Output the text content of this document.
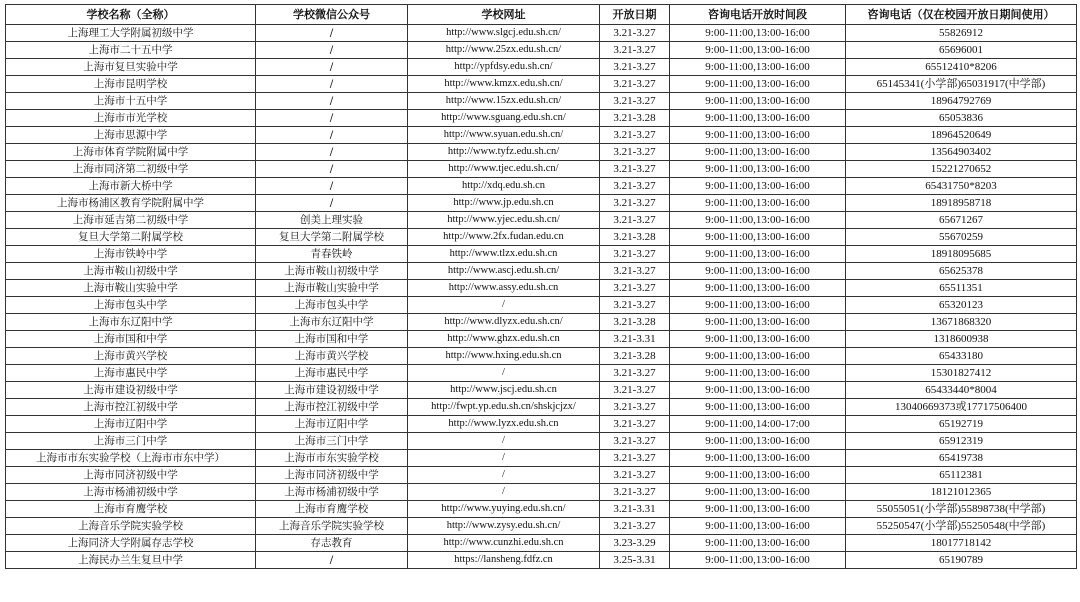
学校名称（全称）	学校微信公众号	学校网址	开放日期	咨询电话开放时间段	咨询电话（仅在校园开放日期间使用）
上海理工大学附属初级中学	/	http://www.slgcj.edu.sh.cn/	3.21-3.27	9:00-11:00,13:00-16:00	55826912
上海市二十五中学	/	http://www.25zx.edu.sh.cn/	3.21-3.27	9:00-11:00,13:00-16:00	65696001
上海市复旦实验中学	/	http://ypfdsy.edu.sh.cn/	3.21-3.27	9:00-11:00,13:00-16:00	65512410*8206
上海市昆明学校	/	http://www.kmzx.edu.sh.cn/	3.21-3.27	9:00-11:00,13:00-16:00	65145341(小学部)65031917(中学部)
上海市十五中学	/	http://www.15zx.edu.sh.cn/	3.21-3.27	9:00-11:00,13:00-16:00	18964792769
上海市市光学校	/	http://www.sguang.edu.sh.cn/	3.21-3.28	9:00-11:00,13:00-16:00	65053836
上海市思源中学	/	http://www.syuan.edu.sh.cn/	3.21-3.27	9:00-11:00,13:00-16:00	18964520649
上海市体育学院附属中学	/	http://www.tyfz.edu.sh.cn/	3.21-3.27	9:00-11:00,13:00-16:00	13564903402
上海市同济第二初级中学	/	http://www.tjec.edu.sh.cn/	3.21-3.27	9:00-11:00,13:00-16:00	15221270652
上海市新大桥中学	/	http://xdq.edu.sh.cn	3.21-3.27	9:00-11:00,13:00-16:00	65431750*8203
上海市杨浦区教育学院附属中学	/	http://www.jp.edu.sh.cn	3.21-3.27	9:00-11:00,13:00-16:00	18918958718
上海市延吉第二初级中学	创美上理实验	http://www.yjec.edu.sh.cn/	3.21-3.27	9:00-11:00,13:00-16:00	65671267
复旦大学第二附属学校	复旦大学第二附属学校	http://www.2fx.fudan.edu.cn	3.21-3.28	9:00-11:00,13:00-16:00	55670259
上海市铁岭中学	青春铁岭	http://www.tlzx.edu.sh.cn	3.21-3.27	9:00-11:00,13:00-16:00	18918095685
上海市鞍山初级中学	上海市鞍山初级中学	http://www.ascj.edu.sh.cn/	3.21-3.27	9:00-11:00,13:00-16:00	65625378
上海市鞍山实验中学	上海市鞍山实验中学	http://www.assy.edu.sh.cn	3.21-3.27	9:00-11:00,13:00-16:00	65511351
上海市包头中学	上海市包头中学	/	3.21-3.27	9:00-11:00,13:00-16:00	65320123
上海市东辽阳中学	上海市东辽阳中学	http://www.dlyzx.edu.sh.cn/	3.21-3.28	9:00-11:00,13:00-16:00	13671868320
上海市国和中学	上海市国和中学	http://www.ghzx.edu.sh.cn	3.21-3.31	9:00-11:00,13:00-16:00	1318600938
上海市黄兴学校	上海市黄兴学校	http://www.hxing.edu.sh.cn	3.21-3.28	9:00-11:00,13:00-16:00	65433180
上海市惠民中学	上海市惠民中学	/	3.21-3.27	9:00-11:00,13:00-16:00	15301827412
上海市建设初级中学	上海市建设初级中学	http://www.jscj.edu.sh.cn	3.21-3.27	9:00-11:00,13:00-16:00	65433440*8004
上海市控江初级中学	上海市控江初级中学	http://fwpt.yp.edu.sh.cn/shskjcjzx/	3.21-3.27	9:00-11:00,13:00-16:00	13040669373或17717506400
上海市辽阳中学	上海市辽阳中学	http://www.lyzx.edu.sh.cn	3.21-3.27	9:00-11:00,14:00-17:00	65192719
上海市三门中学	上海市三门中学	/	3.21-3.27	9:00-11:00,13:00-16:00	65912319
上海市市东实验学校（上海市市东中学）	上海市市东实验学校	/	3.21-3.27	9:00-11:00,13:00-16:00	65419738
上海市同济初级中学	上海市同济初级中学	/	3.21-3.27	9:00-11:00,13:00-16:00	65112381
上海市杨浦初级中学	上海市杨浦初级中学	/	3.21-3.27	9:00-11:00,13:00-16:00	18121012365
上海市育鹰学校	上海市育鹰学校	http://www.yuying.edu.sh.cn/	3.21-3.31	9:00-11:00,13:00-16:00	55055051(小学部)55898738(中学部)
上海音乐学院实验学校	上海音乐学院实验学校	http://www.zysy.edu.sh.cn/	3.21-3.27	9:00-11:00,13:00-16:00	55250547(小学部)55250548(中学部)
上海同济大学附属存志学校	存志教育	http://www.cunzhi.edu.sh.cn	3.23-3.29	9:00-11:00,13:00-16:00	18017718142
上海民办兰生复旦中学	/	https://lansheng.fdfz.cn	3.25-3.31	9:00-11:00,13:00-16:00	65190789
